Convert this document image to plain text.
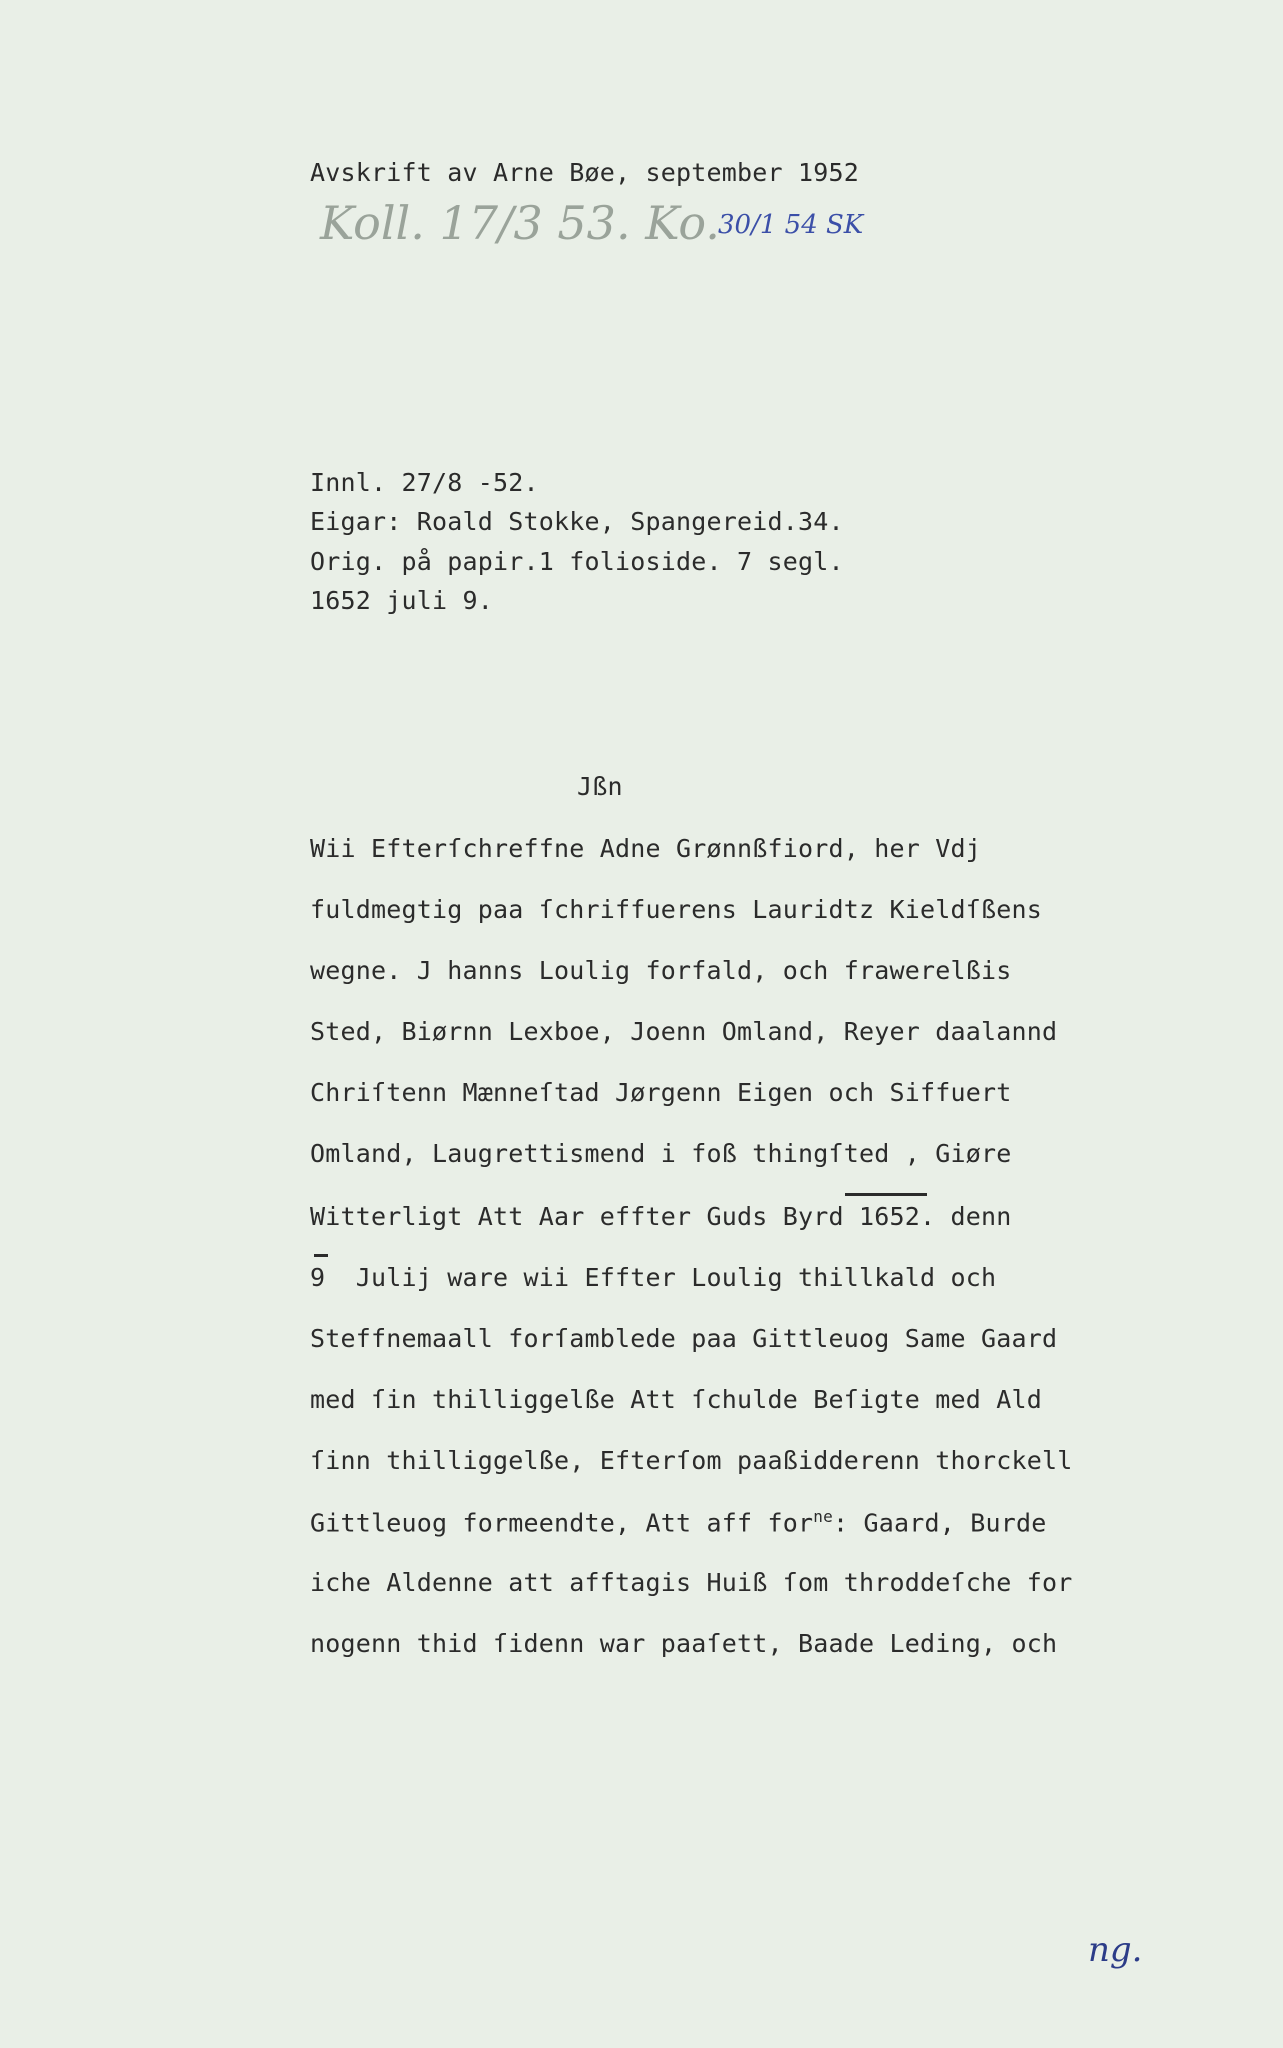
Avskrift av Arne Bøe, september 1952
Koll. 17/3 53. Ko.
30/1 54 SK
Innl. 27/8 -52.
Eigar: Roald Stokke, Spangereid.34.
Orig. på papir.1 folioside. 7 segl.
1652 juli 9.
Jßn
Wii Efterſchreffne Adne Grønnßfiord, her Vdj
fuldmegtig paa ſchriffuerens Lauridtz Kieldſßens
wegne. J hanns Loulig forfald, och frawerelßis
Sted, Biørnn Lexboe, Joenn Omland, Reyer daalannd
Chriſtenn Mænneſtad Jørgenn Eigen och Siffuert
Omland, Laugrettismend i foß thingſted , Giøre
Witterligt Att Aar effter Guds Byrd 1652. denn
9  Julij ware wii Effter Loulig thillkald och
Steffnemaall forſamblede paa Gittleuog Same Gaard
med ſin thilliggelße Att ſchulde Beſigte med Ald
ſinn thilliggelße, Efterſom paaßidderenn thorckell
Gittleuog formeendte, Att aff for$^{ne}$: Gaard, Burde
iche Aldenne att afftagis Huiß ſom throddeſche for
nogenn thid ſidenn war paaſett, Baade Leding, och
ng.
